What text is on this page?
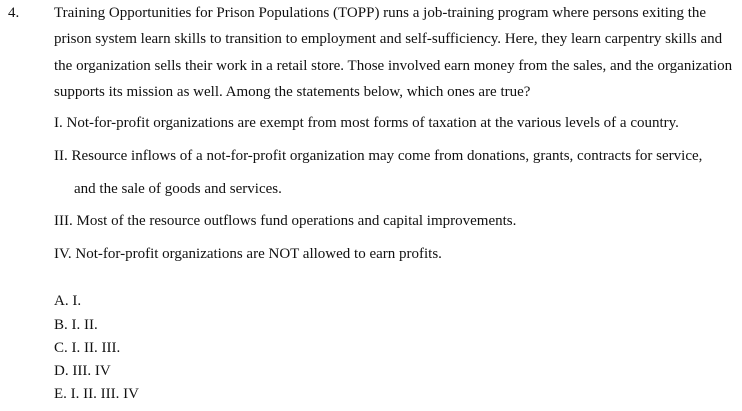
4. Training Opportunities for Prison Populations (TOPP) runs a job-training program where persons exiting the prison system learn skills to transition to employment and self-sufficiency. Here, they learn carpentry skills and the organization sells their work in a retail store. Those involved earn money from the sales, and the organization supports its mission as well. Among the statements below, which ones are true?

I. Not-for-profit organizations are exempt from most forms of taxation at the various levels of a country.
II. Resource inflows of a not-for-profit organization may come from donations, grants, contracts for service,
and the sale of goods and services.
III. Most of the resource outflows fund operations and capital improvements.
IV. Not-for-profit organizations are NOT allowed to earn profits.
A. I.
B. I. II.
C. I. II. III.
D. III. IV
E. I. II. III. IV
